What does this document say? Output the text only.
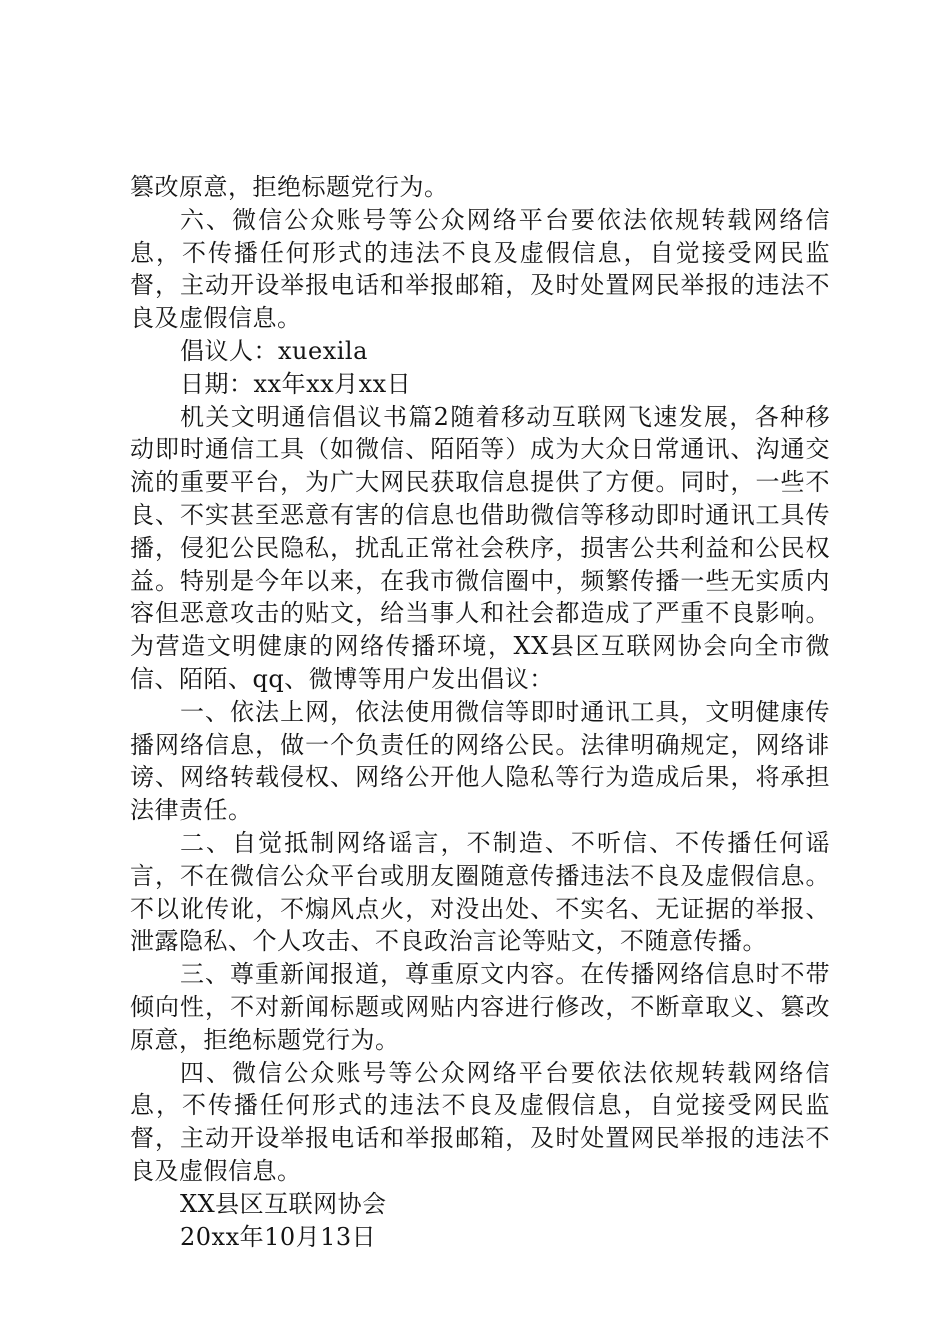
篡改原意，拒绝标题党行为。

六、微信公众账号等公众网络平台要依法依规转载网络信息，不传播任何形式的违法不良及虚假信息，自觉接受网民监督，主动开设举报电话和举报邮箱，及时处置网民举报的违法不良及虚假信息。

倡议人：xuexila

日期：xx年xx月xx日

机关文明通信倡议书篇2随着移动互联网飞速发展，各种移动即时通信工具（如微信、陌陌等）成为大众日常通讯、沟通交流的重要平台，为广大网民获取信息提供了方便。同时，一些不良、不实甚至恶意有害的信息也借助微信等移动即时通讯工具传播，侵犯公民隐私，扰乱正常社会秩序，损害公共利益和公民权益。特别是今年以来，在我市微信圈中，频繁传播一些无实质内容但恶意攻击的贴文，给当事人和社会都造成了严重不良影响。为营造文明健康的网络传播环境，XX县区互联网协会向全市微信、陌陌、qq、微博等用户发出倡议：

一、依法上网，依法使用微信等即时通讯工具，文明健康传播网络信息，做一个负责任的网络公民。法律明确规定，网络诽谤、网络转载侵权、网络公开他人隐私等行为造成后果，将承担法律责任。

二、自觉抵制网络谣言，不制造、不听信、不传播任何谣言，不在微信公众平台或朋友圈随意传播违法不良及虚假信息。不以讹传讹，不煽风点火，对没出处、不实名、无证据的举报、泄露隐私、个人攻击、不良政治言论等贴文，不随意传播。

三、尊重新闻报道，尊重原文内容。在传播网络信息时不带倾向性，不对新闻标题或网贴内容进行修改，不断章取义、篡改原意，拒绝标题党行为。

四、微信公众账号等公众网络平台要依法依规转载网络信息，不传播任何形式的违法不良及虚假信息，自觉接受网民监督，主动开设举报电话和举报邮箱，及时处置网民举报的违法不良及虚假信息。

XX县区互联网协会

20xx年10月13日
